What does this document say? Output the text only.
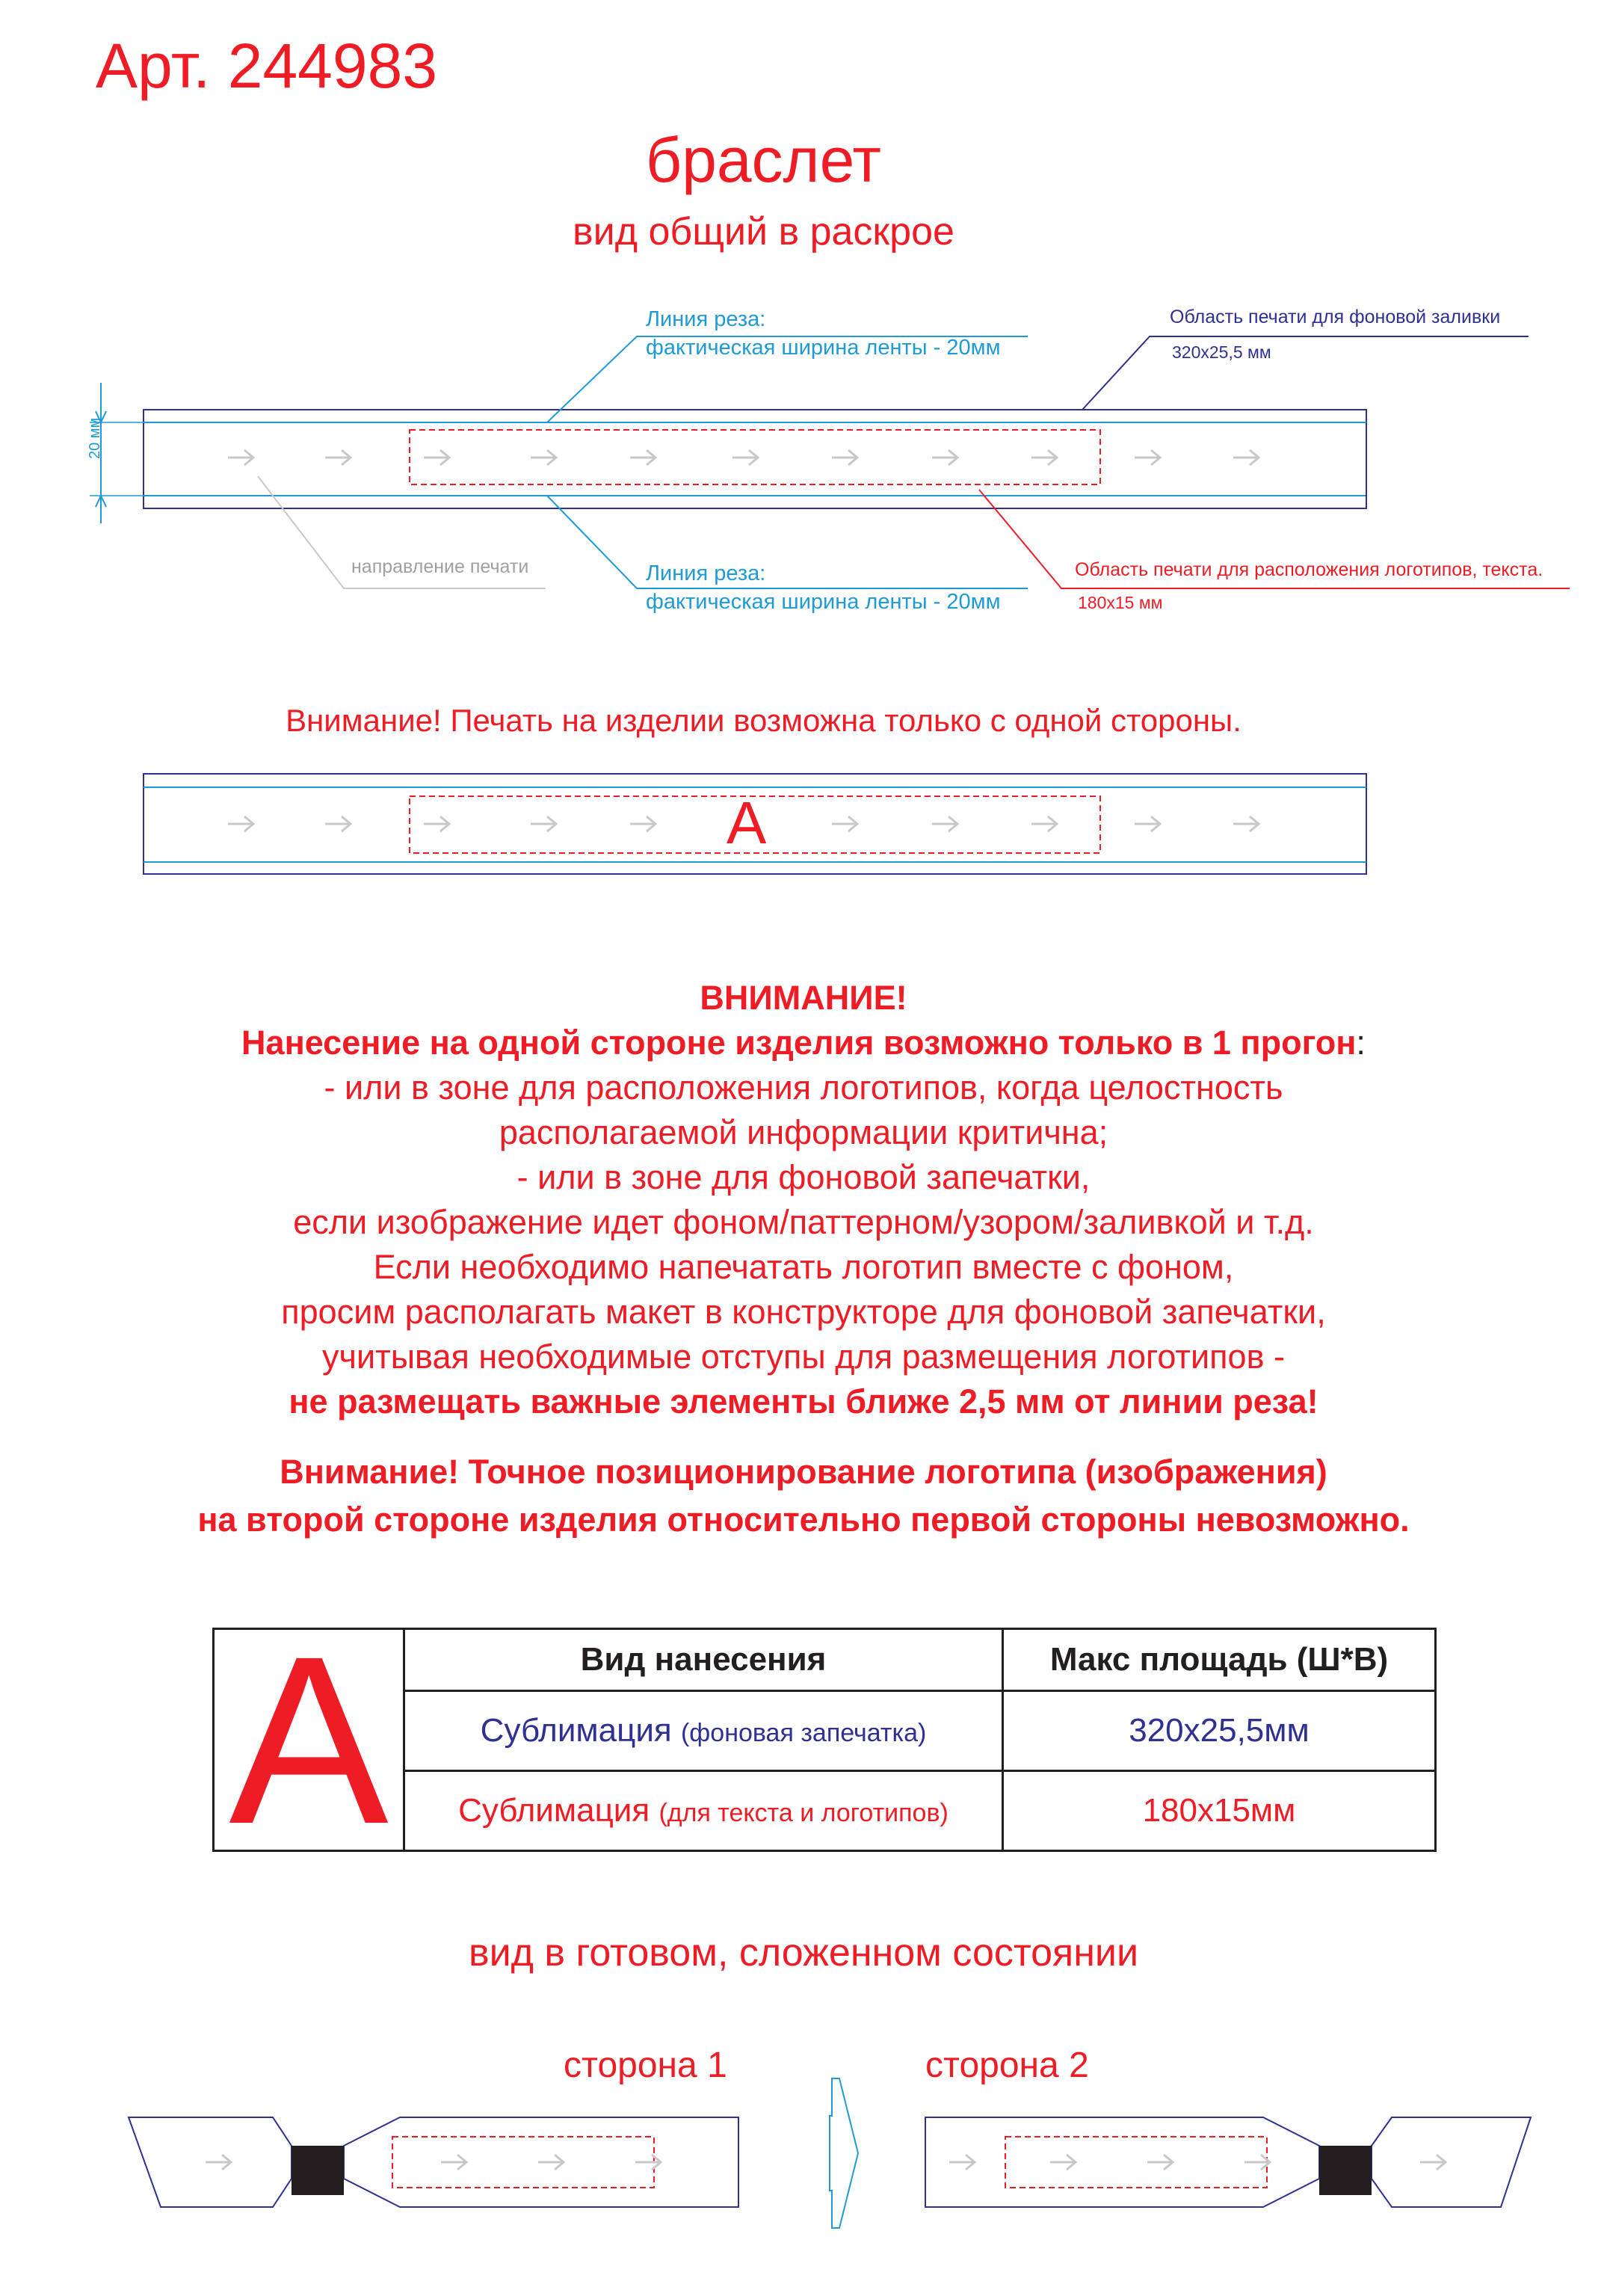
Арт. 244983
браслет
вид общий в раскрое
Линия реза:
фактическая ширина ленты - 20мм
Линия реза:
фактическая ширина ленты - 20мм
Область печати для фоновой заливки
320x25,5 мм
Область печати для расположения логотипов, текста.
180x15 мм
направление печати
20 мм
А
Внимание! Печать на изделии возможна только с одной стороны.
ВНИМАНИЕ!
Нанесение на одной стороне изделия возможно только в 1 прогон:
- или в зоне для расположения логотипов, когда целостность
располагаемой информации критична;
- или в зоне для фоновой запечатки,
если изображение идет фоном/паттерном/узором/заливкой и т.д.
Если необходимо напечатать логотип вместе с фоном,
просим располагать макет в конструкторе для фоновой запечатки,
учитывая необходимые отступы для размещения логотипов -
не размещать важные элементы ближе 2,5 мм от линии реза!
Внимание! Точное позиционирование логотипа (изображения)
на второй стороне изделия относительно первой стороны невозможно.
А	Вид нанесения	Макс площадь (Ш*В)
	Сублимация (фоновая запечатка)	320x25,5мм
	Сублимация (для текста и логотипов)	180x15мм
вид в готовом, сложенном состоянии
сторона 1	сторона 2
